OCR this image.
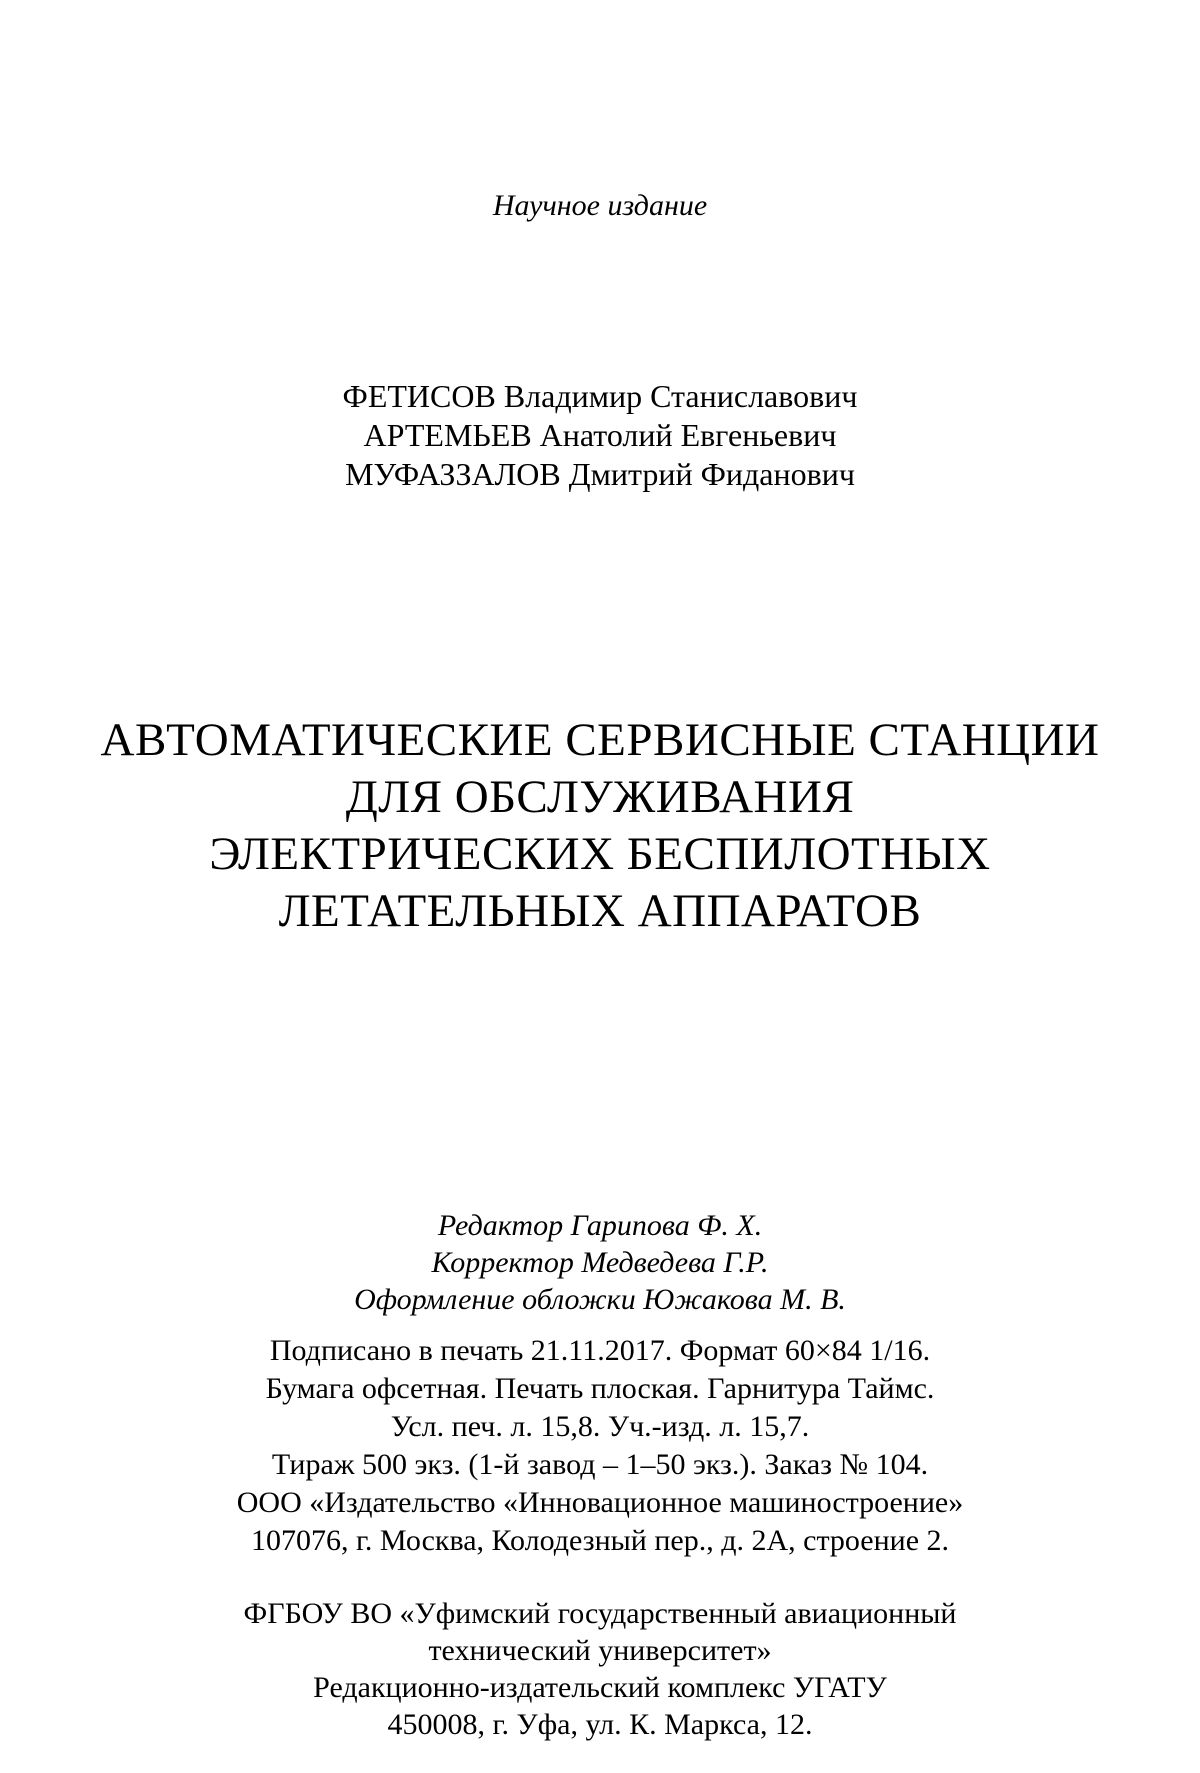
Научное издание
ФЕТИСОВ Владимир Станиславович
АРТЕМЬЕВ Анатолий Евгеньевич
МУФАЗЗАЛОВ Дмитрий Фиданович
АВТОМАТИЧЕСКИЕ СЕРВИСНЫЕ СТАНЦИИ
ДЛЯ ОБСЛУЖИВАНИЯ
ЭЛЕКТРИЧЕСКИХ БЕСПИЛОТНЫХ
ЛЕТАТЕЛЬНЫХ АППАРАТОВ
Редактор Гарипова Ф. Х.
Корректор Медведева Г.Р.
Оформление обложки Южакова М. В.
Подписано в печать 21.11.2017. Формат 60×84 1/16.
Бумага офсетная. Печать плоская. Гарнитура Таймс.
Усл. печ. л. 15,8. Уч.-изд. л. 15,7.
Тираж 500 экз. (1-й завод – 1–50 экз.). Заказ № 104.
ООО «Издательство «Инновационное машиностроение»
107076, г. Москва, Колодезный пер., д. 2А, строение 2.
ФГБОУ ВО «Уфимский государственный авиационный
технический университет»
Редакционно-издательский комплекс УГАТУ
450008, г. Уфа, ул. К. Маркса, 12.
